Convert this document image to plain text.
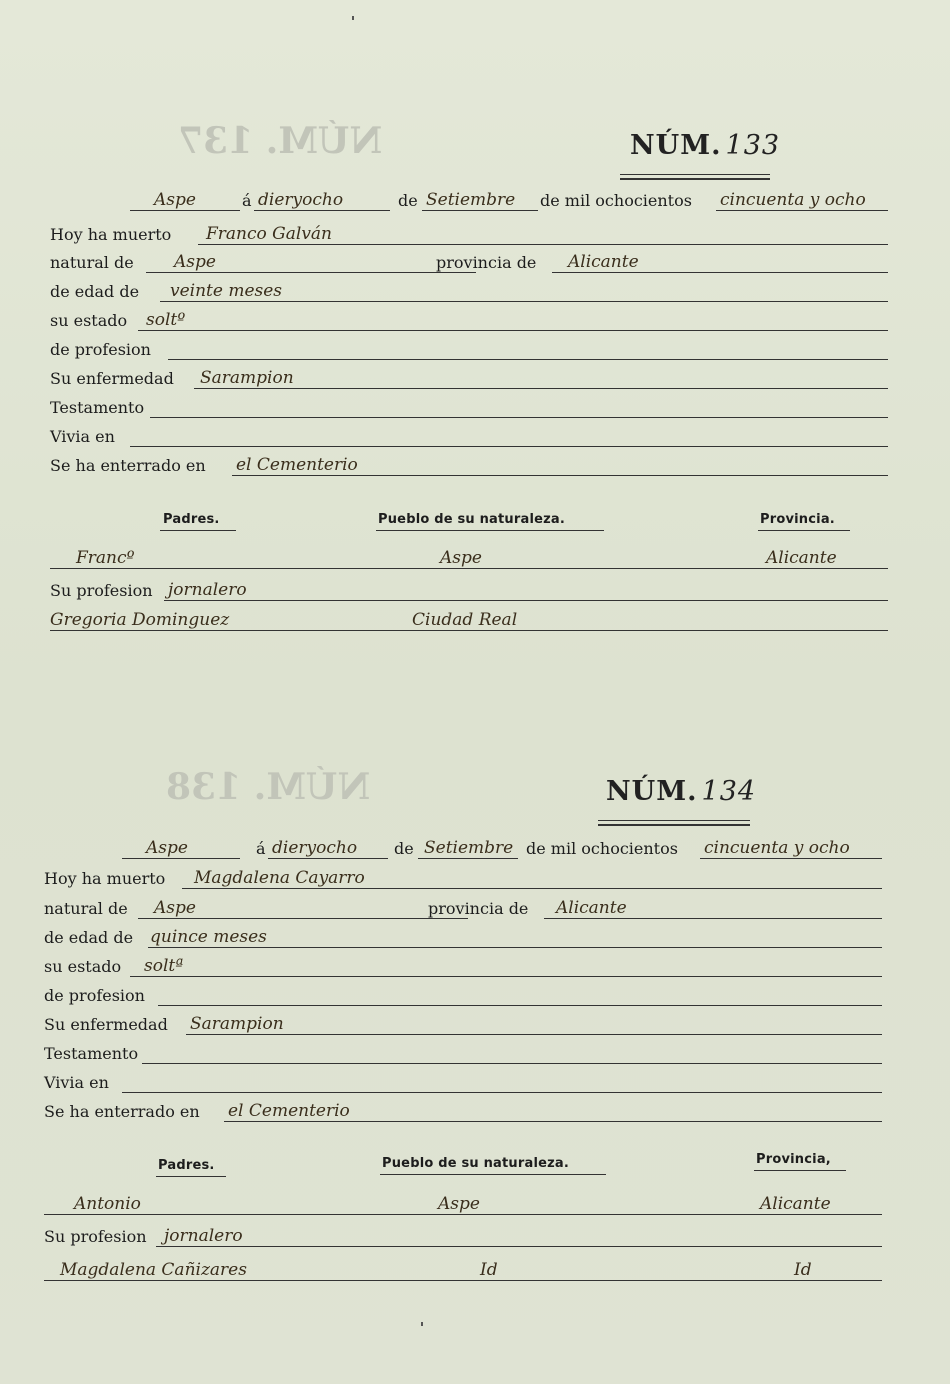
NÚM. 137
NÚM. 138
NÚM. 133
Aspe	á dieryocho	de Setiembre de mil ochocientos cincuenta y ocho
Hoy ha muerto Franco Galván
natural de Aspe	provincia de Alicante
de edad de veinte meses
su estado soltº
de profesion
Su enfermedad Sarampion
Testamento
Vivia en
Se ha enterrado en el Cementerio
Padres.	Pueblo de su naturaleza.	Provincia.
Francº	Aspe	Alicante
Su profesion jornalero
Gregoria Dominguez	Ciudad Real
NÚM. 134
Aspe	á dieryocho de Setiembre de mil ochocientos cincuenta y ocho
Hoy ha muerto Magdalena Cayarro
natural de Aspe	provincia de Alicante
de edad de quince meses
su estado soltª
de profesion
Su enfermedad Sarampion
Testamento
Vivia en
Se ha enterrado en el Cementerio
Padres.	Pueblo de su naturaleza.	Provincia,
Antonio	Aspe	Alicante
Su profesion jornalero
Magdalena Cañizares	Id	Id
